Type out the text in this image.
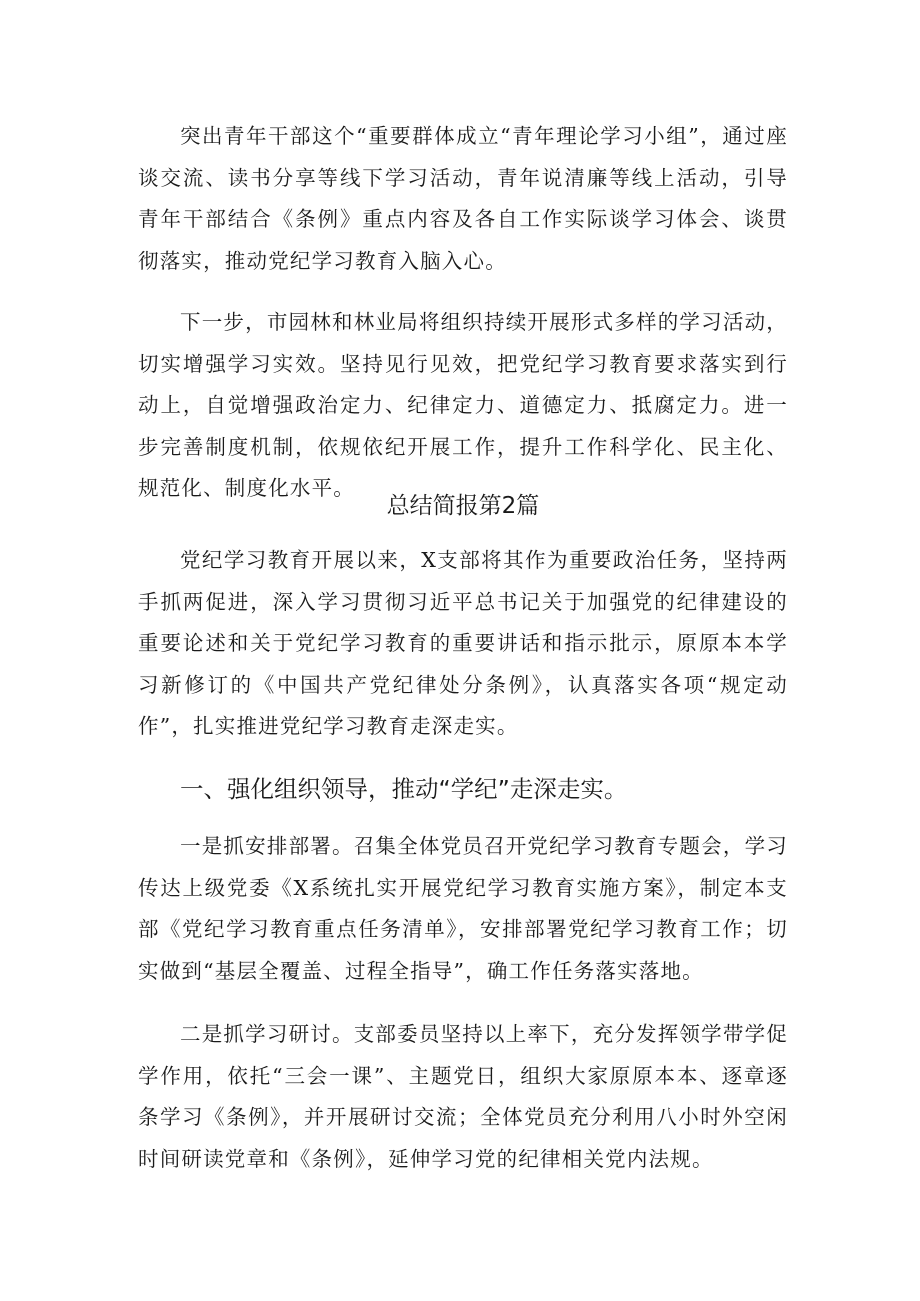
突出青年干部这个“重要群体成立“青年理论学习小组”，通过座谈交流、读书分享等线下学习活动，青年说清廉等线上活动，引导青年干部结合《条例》重点内容及各自工作实际谈学习体会、谈贯彻落实，推动党纪学习教育入脑入心。

下一步，市园林和林业局将组织持续开展形式多样的学习活动，切实增强学习实效。坚持见行见效，把党纪学习教育要求落实到行动上，自觉增强政治定力、纪律定力、道德定力、抵腐定力。进一步完善制度机制，依规依纪开展工作，提升工作科学化、民主化、规范化、制度化水平。

总结简报第2篇

党纪学习教育开展以来，X支部将其作为重要政治任务，坚持两手抓两促进，深入学习贯彻习近平总书记关于加强党的纪律建设的重要论述和关于党纪学习教育的重要讲话和指示批示，原原本本学习新修订的《中国共产党纪律处分条例》，认真落实各项“规定动作”，扎实推进党纪学习教育走深走实。

一、强化组织领导，推动“学纪”走深走实。

一是抓安排部署。召集全体党员召开党纪学习教育专题会，学习传达上级党委《X系统扎实开展党纪学习教育实施方案》，制定本支部《党纪学习教育重点任务清单》，安排部署党纪学习教育工作；切实做到“基层全覆盖、过程全指导”，确工作任务落实落地。

二是抓学习研讨。支部委员坚持以上率下，充分发挥领学带学促学作用，依托“三会一课”、主题党日，组织大家原原本本、逐章逐条学习《条例》，并开展研讨交流；全体党员充分利用八小时外空闲时间研读党章和《条例》，延伸学习党的纪律相关党内法规。
